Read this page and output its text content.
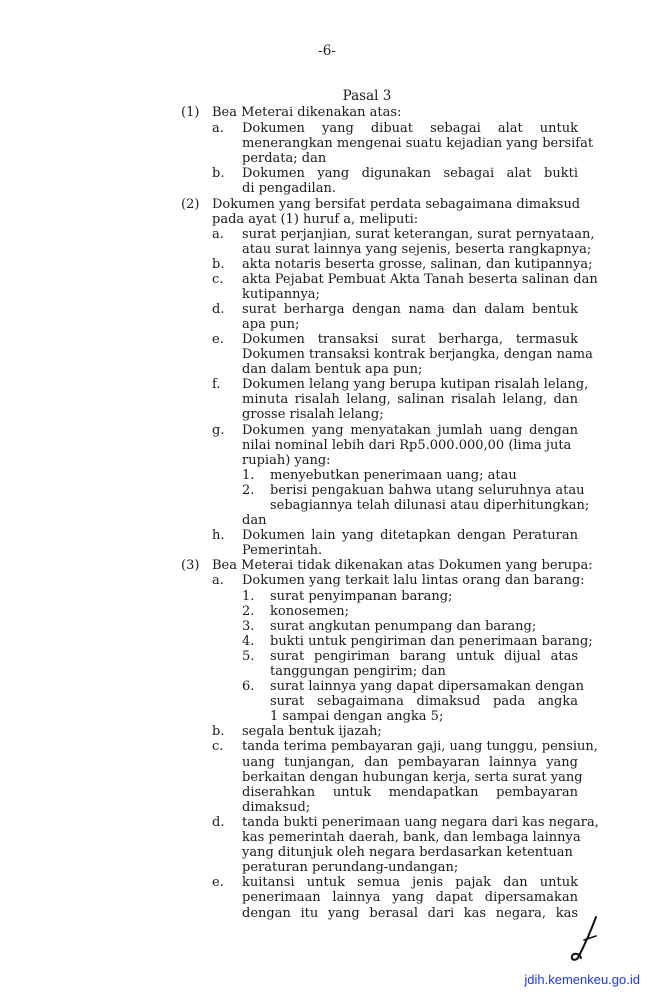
-6-
Pasal 3
(1) Bea Meterai dikenakan atas:
a. Dokumen yang dibuat sebagai alat untuk
menerangkan mengenai suatu kejadian yang bersifat
perdata; dan
b. Dokumen yang digunakan sebagai alat bukti
di pengadilan.
(2) Dokumen yang bersifat perdata sebagaimana dimaksud
pada ayat (1) huruf a, meliputi:
a. surat perjanjian, surat keterangan, surat pernyataan,
atau surat lainnya yang sejenis, beserta rangkapnya;
b. akta notaris beserta grosse, salinan, dan kutipannya;
c. akta Pejabat Pembuat Akta Tanah beserta salinan dan
kutipannya;
d. surat berharga dengan nama dan dalam bentuk
apa pun;
e. Dokumen transaksi surat berharga, termasuk
Dokumen transaksi kontrak berjangka, dengan nama
dan dalam bentuk apa pun;
f. Dokumen lelang yang berupa kutipan risalah lelang,
minuta risalah lelang, salinan risalah lelang, dan
grosse risalah lelang;
g. Dokumen yang menyatakan jumlah uang dengan
nilai nominal lebih dari Rp5.000.000,00 (lima juta
rupiah) yang:
1. menyebutkan penerimaan uang; atau
2. berisi pengakuan bahwa utang seluruhnya atau
sebagiannya telah dilunasi atau diperhitungkan;
dan
h. Dokumen lain yang ditetapkan dengan Peraturan
Pemerintah.
(3) Bea Meterai tidak dikenakan atas Dokumen yang berupa:
a. Dokumen yang terkait lalu lintas orang dan barang:
1. surat penyimpanan barang;
2. konosemen;
3. surat angkutan penumpang dan barang;
4. bukti untuk pengiriman dan penerimaan barang;
5. surat pengiriman barang untuk dijual atas
tanggungan pengirim; dan
6. surat lainnya yang dapat dipersamakan dengan
surat sebagaimana dimaksud pada angka
1 sampai dengan angka 5;
b. segala bentuk ijazah;
c. tanda terima pembayaran gaji, uang tunggu, pensiun,
uang tunjangan, dan pembayaran lainnya yang
berkaitan dengan hubungan kerja, serta surat yang
diserahkan untuk mendapatkan pembayaran
dimaksud;
d. tanda bukti penerimaan uang negara dari kas negara,
kas pemerintah daerah, bank, dan lembaga lainnya
yang ditunjuk oleh negara berdasarkan ketentuan
peraturan perundang-undangan;
e. kuitansi untuk semua jenis pajak dan untuk
penerimaan lainnya yang dapat dipersamakan
dengan itu yang berasal dari kas negara, kas
jdih.kemenkeu.go.id
